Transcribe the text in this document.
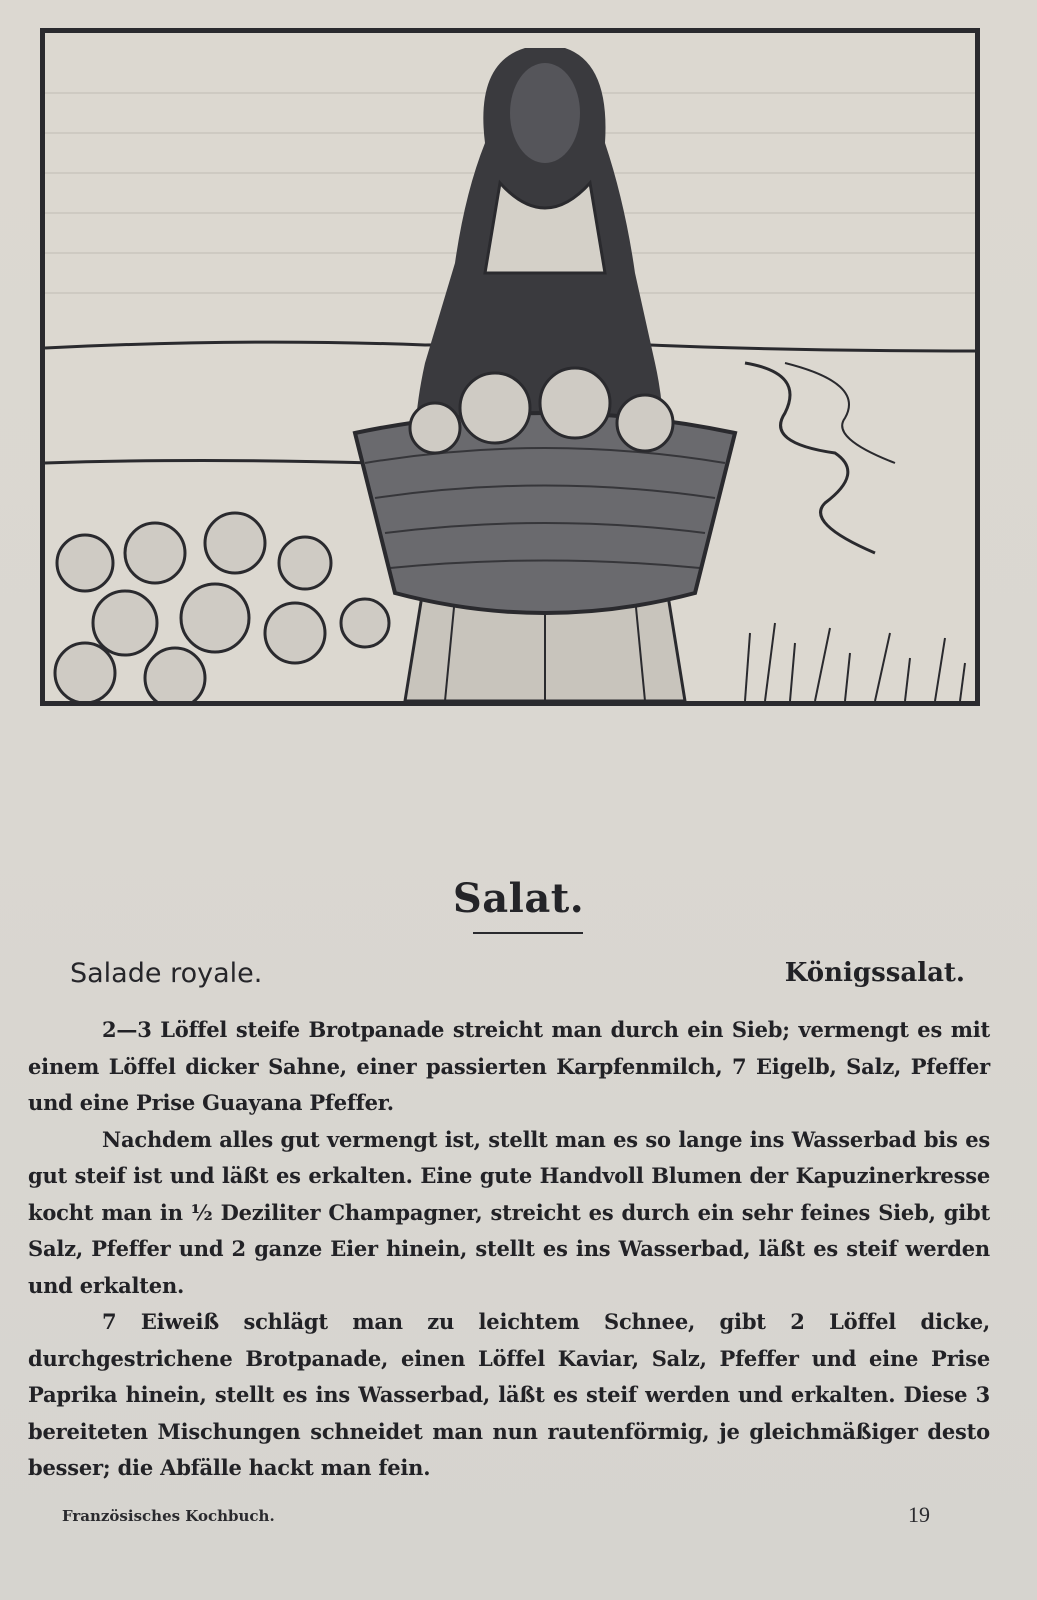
Salat.
Salade royale.	Königssalat.

2—3 Löffel steife Brotpanade streicht man durch ein Sieb; vermengt es mit einem Löffel dicker Sahne, einer passierten Karpfenmilch, 7 Eigelb, Salz, Pfeffer und eine Prise Guayana Pfeffer.

Nachdem alles gut vermengt ist, stellt man es so lange ins Wasserbad bis es gut steif ist und läßt es erkalten. Eine gute Handvoll Blumen der Kapuzinerkresse kocht man in ½ Deziliter Champagner, streicht es durch ein sehr feines Sieb, gibt Salz, Pfeffer und 2 ganze Eier hinein, stellt es ins Wasserbad, läßt es steif werden und erkalten.

7 Eiweiß schlägt man zu leichtem Schnee, gibt 2 Löffel dicke, durchgestrichene Brotpanade, einen Löffel Kaviar, Salz, Pfeffer und eine Prise Paprika hinein, stellt es ins Wasserbad, läßt es steif werden und erkalten. Diese 3 bereiteten Mischungen schneidet man nun rautenförmig, je gleichmäßiger desto besser; die Abfälle hackt man fein.

Französisches Kochbuch.	19
